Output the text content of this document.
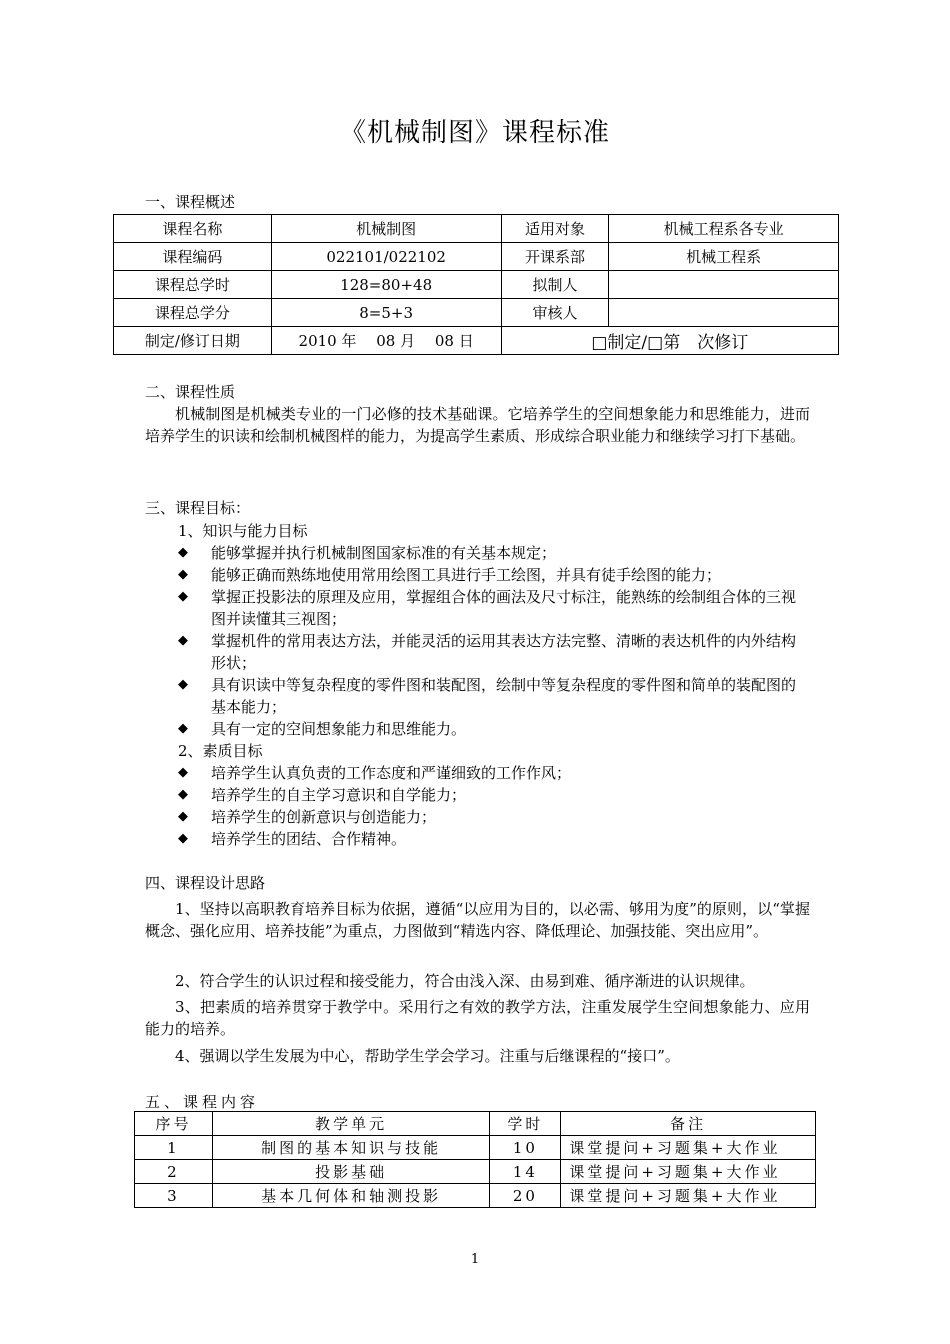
《机械制图》课程标准
一、课程概述
课程名称	机械制图	适用对象	机械工程系各专业
课程编码	022101/022102	开课系部	机械工程系
课程总学时	128=80+48	拟制人	
课程总学分	8=5+3	审核人	
制定/修订日期	2010 年　 08 月　 08 日	□制定/□第　次修订	
二、课程性质
机械制图是机械类专业的一门必修的技术基础课。它培养学生的空间想象能力和思维能力，进而培养学生的识读和绘制机械图样的能力，为提高学生素质、形成综合职业能力和继续学习打下基础。
三、课程目标：
1、知识与能力目标
◆	能够掌握并执行机械制图国家标准的有关基本规定；
◆	能够正确而熟练地使用常用绘图工具进行手工绘图，并具有徒手绘图的能力；
◆	掌握正投影法的原理及应用，掌握组合体的画法及尺寸标注，能熟练的绘制组合体的三视图并读懂其三视图；
◆	掌握机件的常用表达方法，并能灵活的运用其表达方法完整、清晰的表达机件的内外结构形状；
◆	具有识读中等复杂程度的零件图和装配图，绘制中等复杂程度的零件图和简单的装配图的基本能力；
◆	具有一定的空间想象能力和思维能力。
2、素质目标
◆	培养学生认真负责的工作态度和严谨细致的工作作风；
◆	培养学生的自主学习意识和自学能力；
◆	培养学生的创新意识与创造能力；
◆	培养学生的团结、合作精神。
四、课程设计思路
1、坚持以高职教育培养目标为依据，遵循“以应用为目的，以必需、够用为度”的原则，以“掌握概念、强化应用、培养技能”为重点，力图做到“精选内容、降低理论、加强技能、突出应用”。
2、符合学生的认识过程和接受能力，符合由浅入深、由易到难、循序渐进的认识规律。
3、把素质的培养贯穿于教学中。采用行之有效的教学方法，注重发展学生空间想象能力、应用能力的培养。
4、强调以学生发展为中心，帮助学生学会学习。注重与后继课程的“接口”。
五、课程内容
序号	教学单元	学时	备注
1	制图的基本知识与技能	10	课堂提问+习题集+大作业
2	投影基础	14	课堂提问+习题集+大作业
3	基本几何体和轴测投影	20	课堂提问+习题集+大作业
1
